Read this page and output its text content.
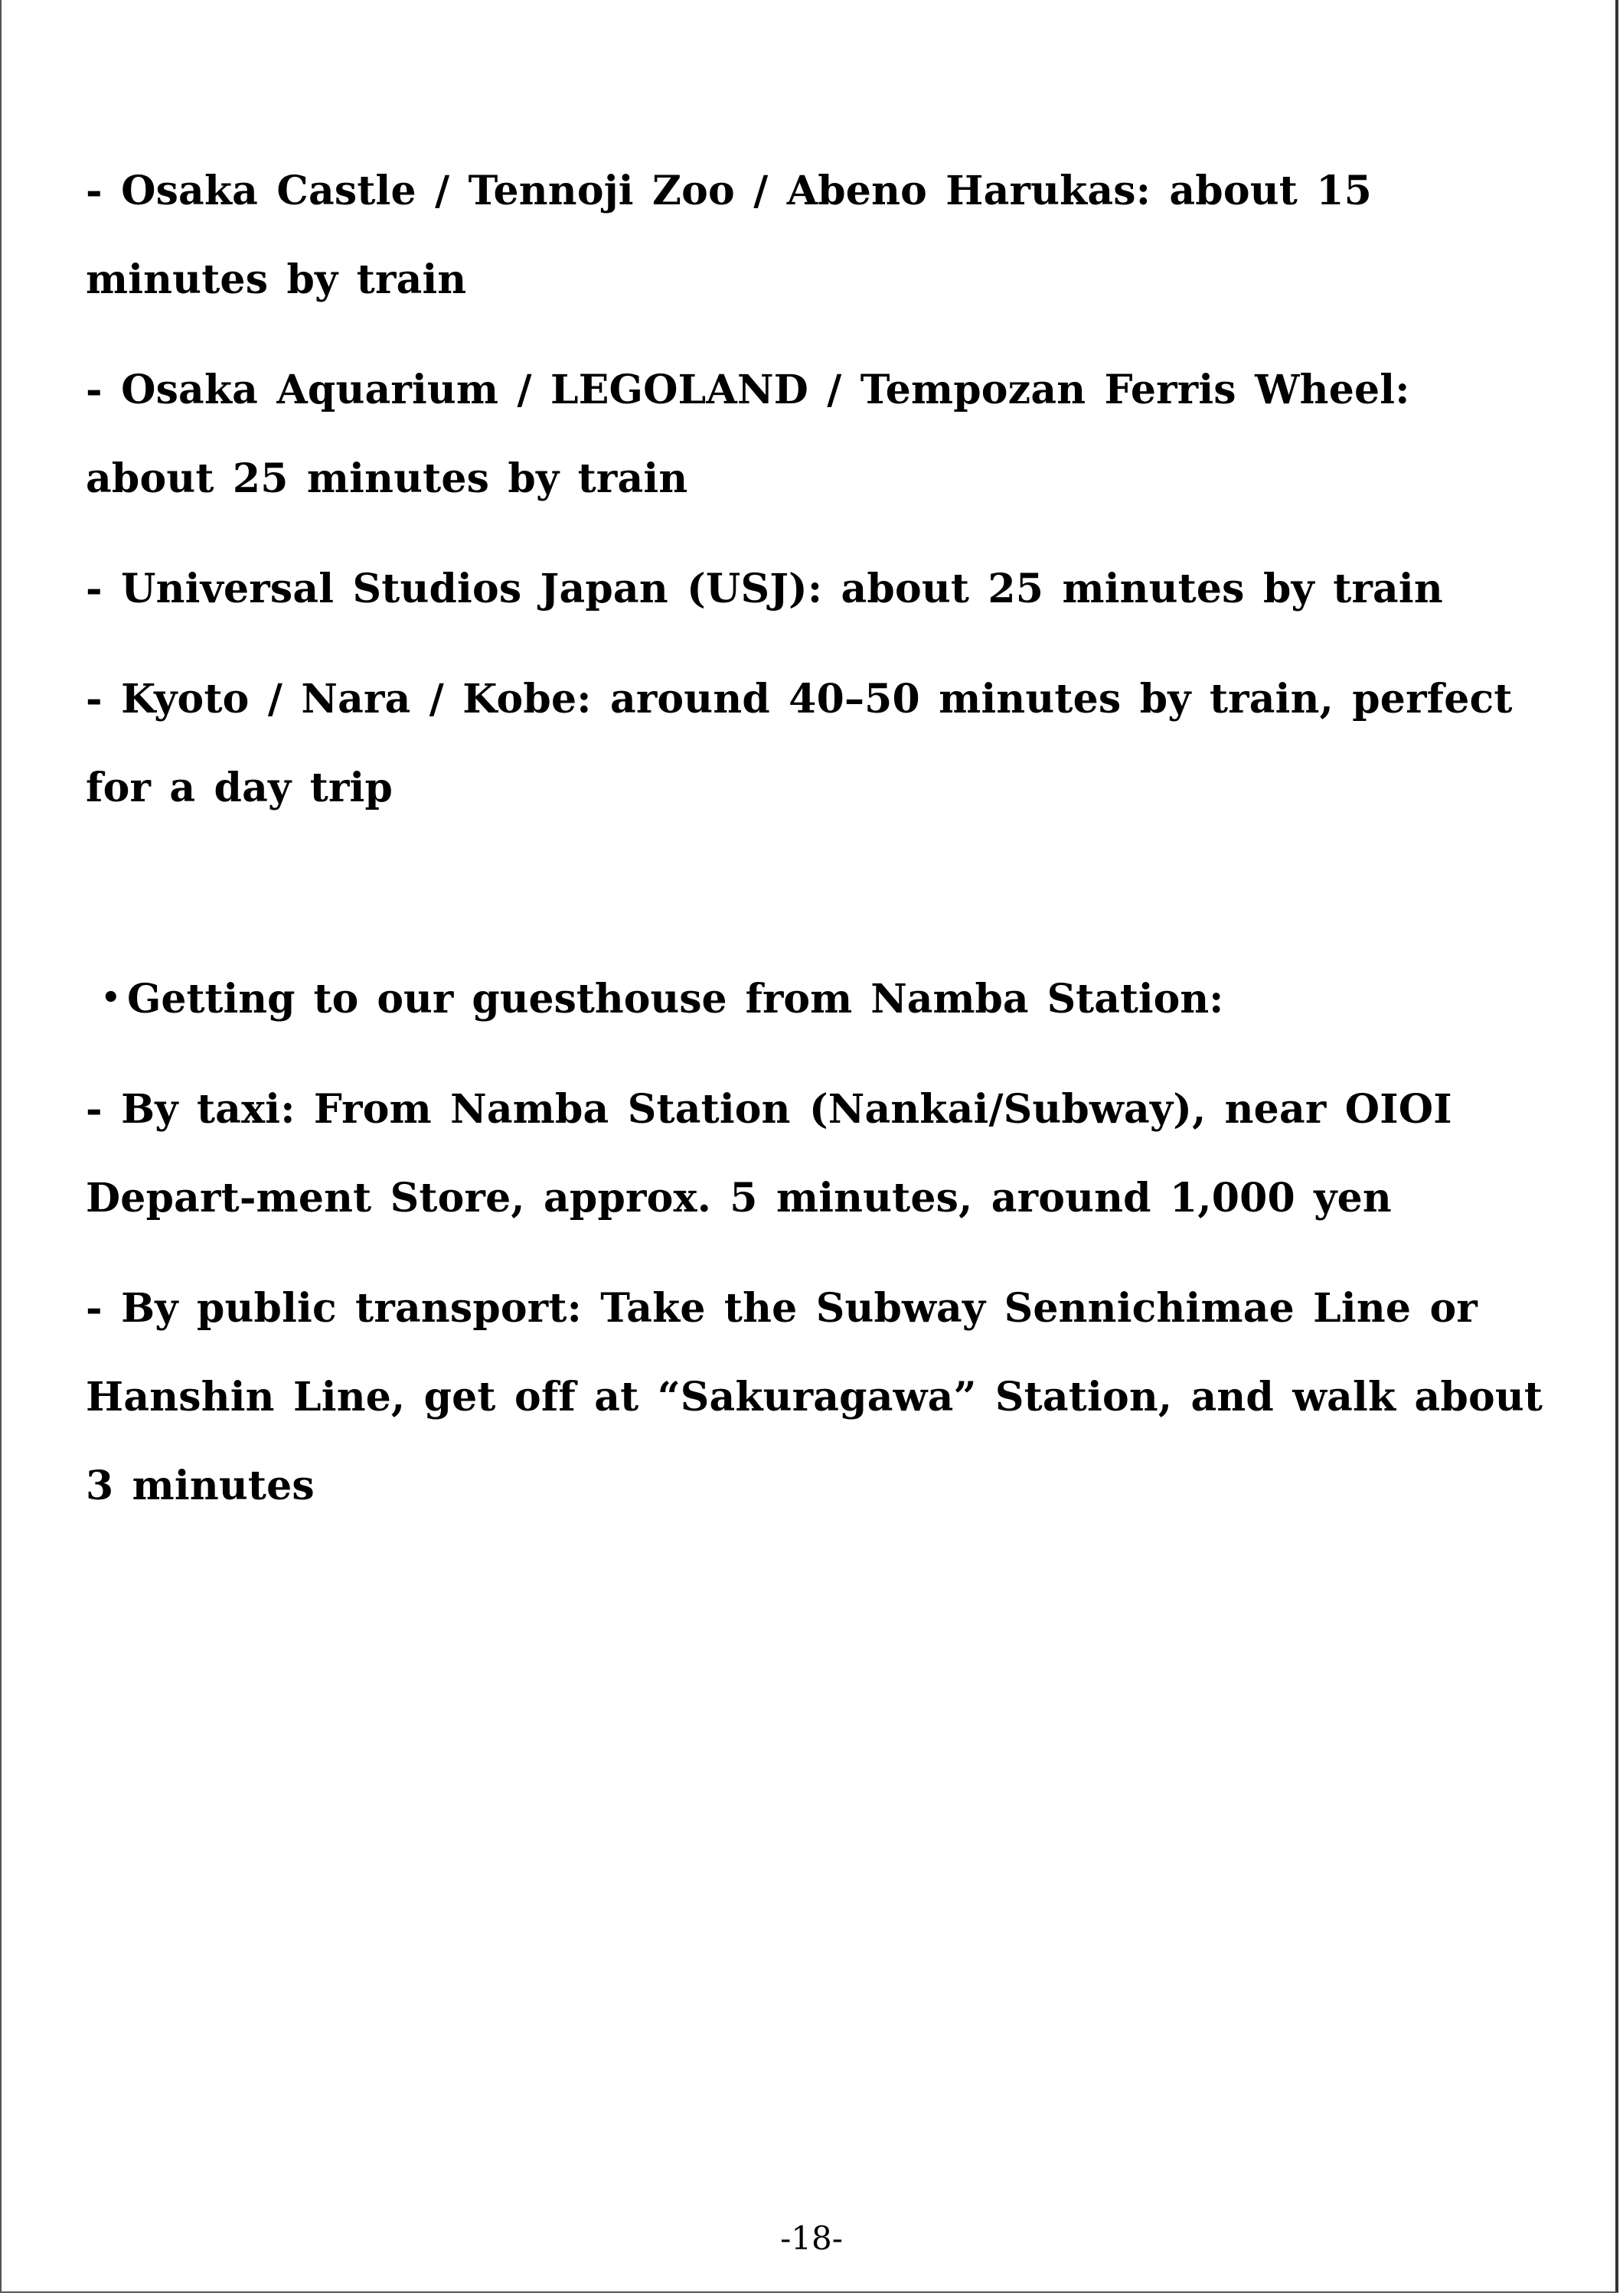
- Osaka Castle / Tennoji Zoo / Abeno Harukas: about 15 minutes by train

- Osaka Aquarium / LEGOLAND / Tempozan Ferris Wheel: about 25 minutes by train

- Universal Studios Japan (USJ): about 25 minutes by train

- Kyoto / Nara / Kobe: around 40–50 minutes by train, perfect for a day trip

• Getting to our guesthouse from Namba Station:

- By taxi: From Namba Station (Nankai/Subway), near OIOI Depart-ment Store, approx. 5 minutes, around 1,000 yen

- By public transport: Take the Subway Sennichimae Line or Hanshin Line, get off at “Sakuragawa” Station, and walk about 3 minutes

-18-
